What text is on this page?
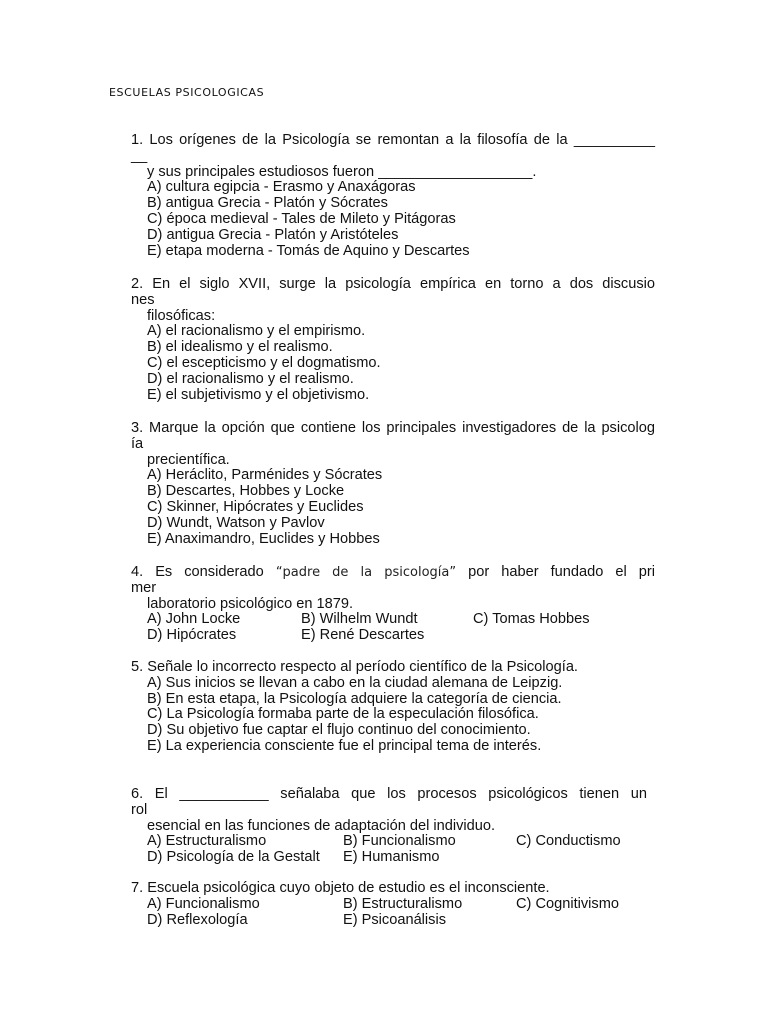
ESCUELAS PSICOLOGICAS
1. Los orígenes de la Psicología se remontan a la filosofía de la __________
__
y sus principales estudiosos fueron ___________________.
A) cultura egipcia - Erasmo y Anaxágoras
B) antigua Grecia - Platón y Sócrates
C) época medieval - Tales de Mileto y Pitágoras
D) antigua Grecia - Platón y Aristóteles
E) etapa moderna - Tomás de Aquino y Descartes
2. En el siglo XVII, surge la psicología empírica en torno a dos discusio
nes
filosóficas:
A) el racionalismo y el empirismo.
B) el idealismo y el realismo.
C) el escepticismo y el dogmatismo.
D) el racionalismo y el realismo.
E) el subjetivismo y el objetivismo.
3. Marque la opción que contiene los principales investigadores de la psicolog
ía
precientífica.
A) Heráclito, Parménides y Sócrates
B) Descartes, Hobbes y Locke
C) Skinner, Hipócrates y Euclides
D) Wundt, Watson y Pavlov
E) Anaximandro, Euclides y Hobbes
4. Es considerado “padre de la psicología” por haber fundado el pri
mer
laboratorio psicológico en 1879.
A) John Locke	B) Wilhelm Wundt	C) Tomas Hobbes
D) Hipócrates	E) René Descartes
5. Señale lo incorrecto respecto al período científico de la Psicología.
A) Sus inicios se llevan a cabo en la ciudad alemana de Leipzig.
B) En esta etapa, la Psicología adquiere la categoría de ciencia.
C) La Psicología formaba parte de la especulación filosófica.
D) Su objetivo fue captar el flujo continuo del conocimiento.
E) La experiencia consciente fue el principal tema de interés.
6. El ___________ señalaba que los procesos psicológicos tienen un
rol
esencial en las funciones de adaptación del individuo.
A) Estructuralismo	B) Funcionalismo	C) Conductismo
D) Psicología de la Gestalt E) Humanismo
7. Escuela psicológica cuyo objeto de estudio es el inconsciente.
A) Funcionalismo	B) Estructuralismo	C) Cognitivismo
D) Reflexología	E) Psicoanálisis
